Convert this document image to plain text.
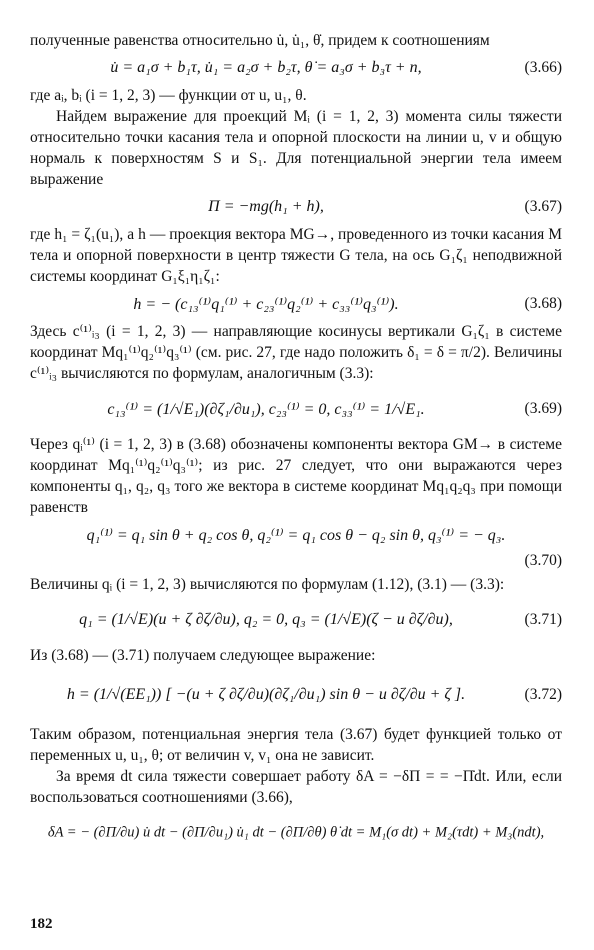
полученные равенства относительно u̇, u̇₁, θ̇, придем к соотношениям

u̇ = a₁σ + b₁τ, u̇₁ = a₂σ + b₂τ, θ̇ = a₃σ + b₃τ + n,	(3.66)

где aᵢ, bᵢ (i = 1, 2, 3) — функции от u, u₁, θ.

Найдем выражение для проекций Mᵢ (i = 1, 2, 3) момента силы тяжести относительно точки касания тела и опорной плоскости на линии u, v и общую нормаль к поверхностям S и S₁. Для потенциальной энергии тела имеем выражение

Π = −mg(h₁ + h),	(3.67)

где h₁ = ζ₁(u₁), а h — проекция вектора MG→, проведенного из точки касания M тела и опорной поверхности в центр тяжести G тела, на ось G₁ζ₁ неподвижной системы координат G₁ξ₁η₁ζ₁:

h = − (c₁₃⁽¹⁾q₁⁽¹⁾ + c₂₃⁽¹⁾q₂⁽¹⁾ + c₃₃⁽¹⁾q₃⁽¹⁾).	(3.68)

Здесь c⁽¹⁾ᵢ₃ (i = 1, 2, 3) — направляющие косинусы вертикали G₁ζ₁ в системе координат Mq₁⁽¹⁾q₂⁽¹⁾q₃⁽¹⁾ (см. рис. 27, где надо положить δ₁ = δ = π/2). Величины c⁽¹⁾ᵢ₃ вычисляются по формулам, аналогичным (3.3):

c₁₃⁽¹⁾ = (1/√E₁)(∂ζ₁/∂u₁), c₂₃⁽¹⁾ = 0, c₃₃⁽¹⁾ = 1/√E₁.	(3.69)

Через qᵢ⁽¹⁾ (i = 1, 2, 3) в (3.68) обозначены компоненты вектора GM→ в системе координат Mq₁⁽¹⁾q₂⁽¹⁾q₃⁽¹⁾; из рис. 27 следует, что они выражаются через компоненты q₁, q₂, q₃ того же вектора в системе координат Mq₁q₂q₃ при помощи равенств

q₁⁽¹⁾ = q₁ sin θ + q₂ cos θ, q₂⁽¹⁾ = q₁ cos θ − q₂ sin θ, q₃⁽¹⁾ = − q₃.
(3.70)

Величины qᵢ (i = 1, 2, 3) вычисляются по формулам (1.12), (3.1) — (3.3):

q₁ = (1/√E)(u + ζ ∂ζ/∂u), q₂ = 0, q₃ = (1/√E)(ζ − u ∂ζ/∂u),	(3.71)

Из (3.68) — (3.71) получаем следующее выражение:

h = (1/√(EE₁)) [ −(u + ζ ∂ζ/∂u)(∂ζ₁/∂u₁) sin θ − u ∂ζ/∂u + ζ ].	(3.72)

Таким образом, потенциальная энергия тела (3.67) будет функцией только от переменных u, u₁, θ; от величин v, v₁ она не зависит.

За время dt сила тяжести совершает работу δA = −δΠ = = −Π̇dt. Или, если воспользоваться соотношениями (3.66),

δA = − (∂Π/∂u) u̇ dt − (∂Π/∂u₁) u̇₁ dt − (∂Π/∂θ) θ̇ dt = M₁(σ dt) + M₂(τdt) + M₃(ndt),
182
